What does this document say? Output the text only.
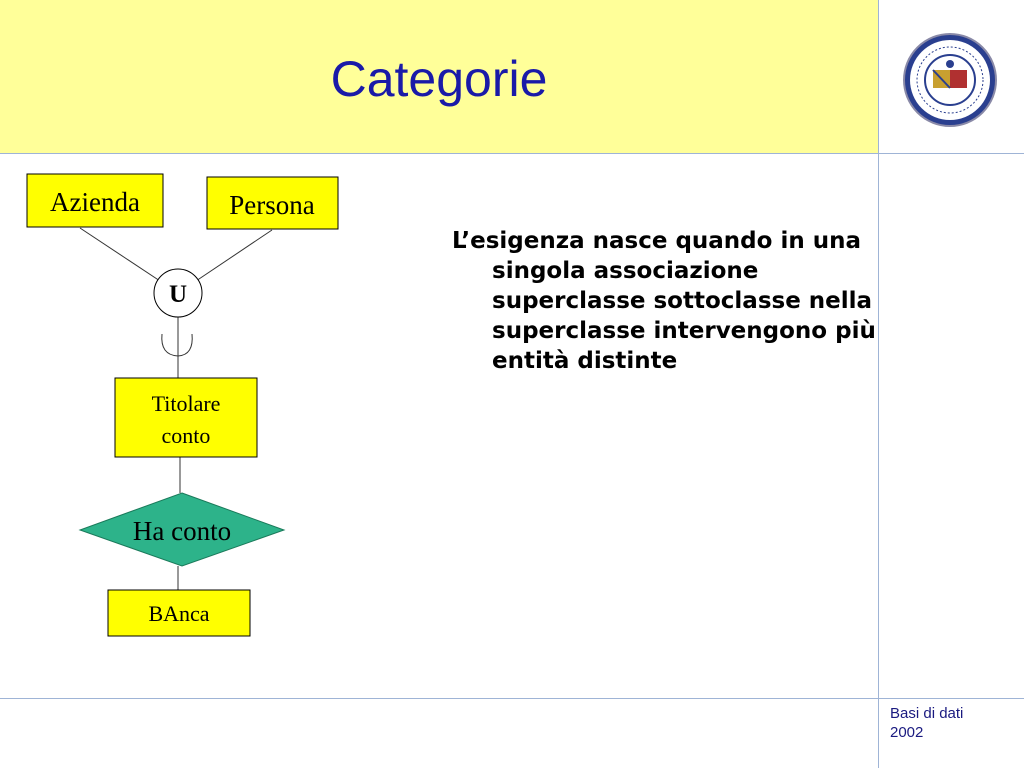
Categorie
Basi di dati
2002
L’esigenza nasce quando in una singola associazione superclasse sottoclasse nella superclasse intervengono più entità distinte
Azienda	Persona
U
Titolare
conto
Ha conto
BAnca
